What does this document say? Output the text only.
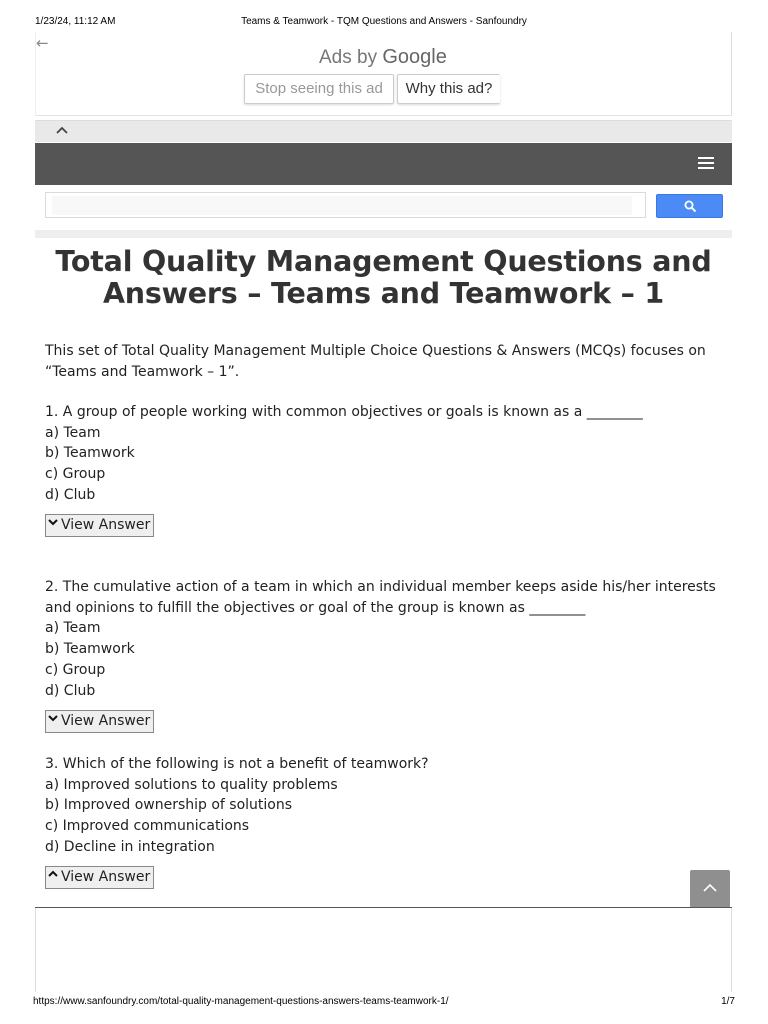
1/23/24, 11:12 AM	Teams & Teamwork - TQM Questions and Answers - Sanfoundry
←
Ads by Google
Stop seeing this ad	Why this ad?
Total Quality Management Questions and
Answers – Teams and Teamwork – 1

This set of Total Quality Management Multiple Choice Questions & Answers (MCQs) focuses on “Teams and Teamwork – 1”.

1. A group of people working with common objectives or goals is known as a ________

a) Team

b) Teamwork

c) Group

d) Club

View Answer

2. The cumulative action of a team in which an individual member keeps aside his/her interests and opinions to fulfill the objectives or goal of the group is known as ________

a) Team

b) Teamwork

c) Group

d) Club

View Answer

3. Which of the following is not a benefit of teamwork?

a) Improved solutions to quality problems

b) Improved ownership of solutions

c) Improved communications

d) Decline in integration

View Answer
https://www.sanfoundry.com/total-quality-management-questions-answers-teams-teamwork-1/	1/7
